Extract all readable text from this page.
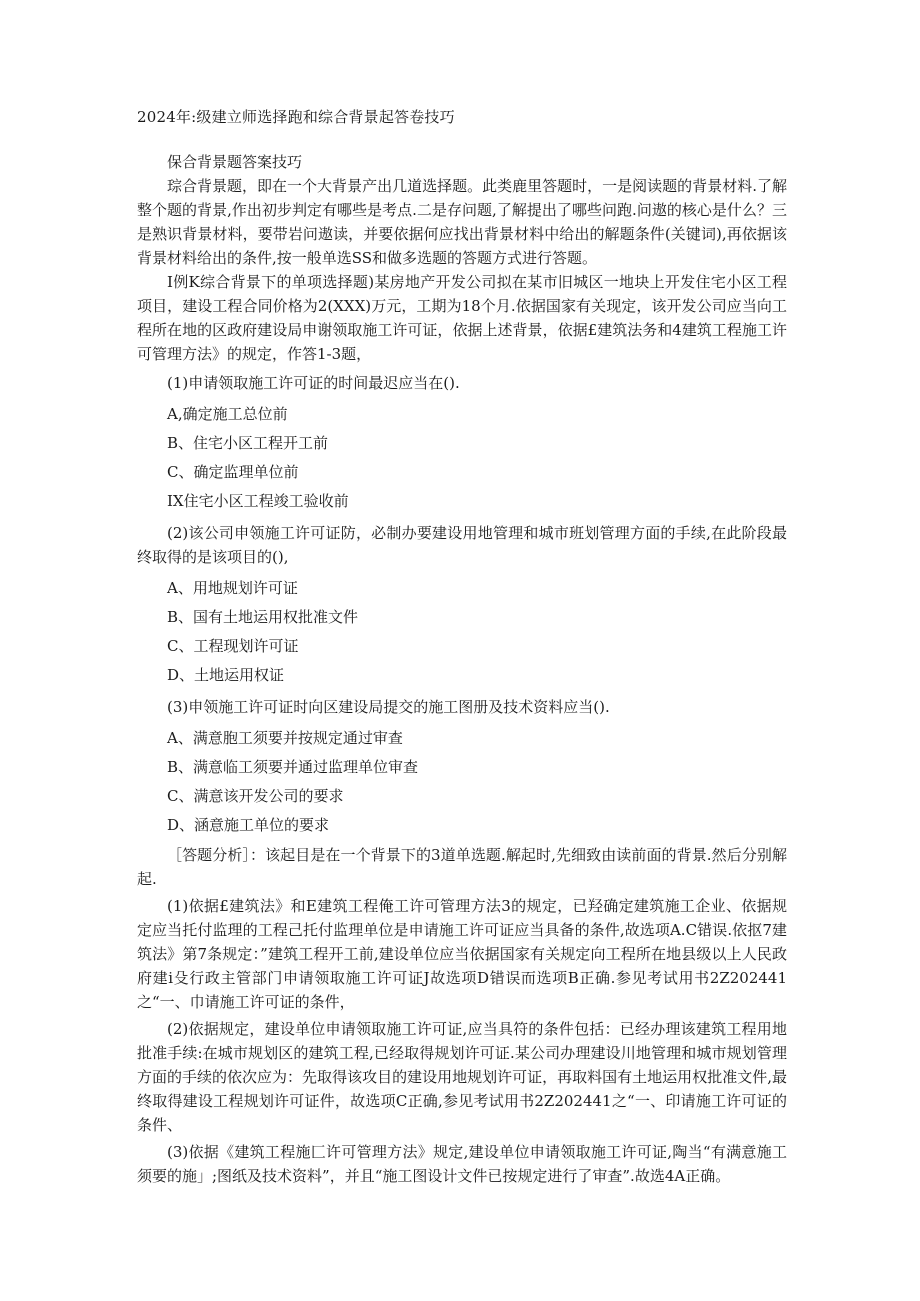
2024年:级建立师选择跑和综合背景起答卷技巧

保合背景题答案技巧

琮合背景题，即在一个大背景产出几道选择题。此类鹿里答题时，一是阅读题的背景材料.了解整个题的背景,作出初步判定有哪些是考点.二是存问题,了解提出了哪些问跑.问遨的核心是什么？三是熟识背景材料，要带岩问遨读，并要依据何应找出背景材料中给出的解题条件(关键词),再依据该背景材料给出的条件,按一般单选SS和做多选题的答题方式进行答题。

I例K综合背景下的单项选择题)某房地产开发公司拟在某市旧城区一地块上开发住宅小区工程项目，建设工程合同价格为2(XXX)万元，工期为18个月.依据国家有关现定，该开发公司应当向工程所在地的区政府建设局申谢领取施工许可证，依据上述背景，依据£建筑法务和4建筑工程施工许可管理方法》的规定，作答1-3题，

(1)申请领取施工许可证的时间最迟应当在().

A,确定施工总位前
B、住宅小区工程开工前
C、确定监理单位前
IX住宅小区工程竣工验收前

(2)该公司申领施工许可证防，必制办要建设用地管理和城市班划管理方面的手续,在此阶段最终取得的是该项目的(),

A、用地规划许可证
B、国有土地运用权批准文件
C、工程现划许可证
D、土地运用权证

(3)申领施工许可证时向区建设局提交的施工图册及技术资料应当().

A、满意胞工须要并按规定通过审查
B、满意临工须要并通过监理单位审查
C、满意该开发公司的要求
D、涵意施工单位的要求

［答题分析］：该起目是在一个背景下的3道单选题.解起时,先细致由读前面的背景.然后分别解起.

(1)依据£建筑法》和E建筑工程俺工许可管理方法3的规定，已羟确定建筑施工企业、依据规定应当托付监理的工程己托付监理单位是申请施工许可证应当具备的条件,故选项A.C错误.依抠7建筑法》第7条规定：”建筑工程开工前,建设单位应当依据国家有关规定向工程所在地县级以上人民政府建i殳行政主管部门申请领取施工许可证J故选项D错误而选项B正确.参见考试用书2Z202441之“一、巾请施工许可证的条件，

(2)依据规定，建设单位申请领取施工许可证,应当具符的条件包括：已经办理该建筑工程用地批准手续:在城市规划区的建筑工程,已经取得规划许可证.某公司办理建设川地管理和城市规划管理方面的手续的依次应为：先取得该攻目的建设用地规划许可证，再取料国有土地运用权批准文件,最终取得建设工程规划许可证件，故选项C正确,参见考试用书2Z202441之“一、印请施工许可证的条件、

(3)依据《建筑工程施匚许可管理方法》规定,建设单位申请领取施工许可证,陶当“有满意施工须要的施」;图纸及技术资料”，并且“施工图设计文件已按规定进行了审查”.故选4A正确。
